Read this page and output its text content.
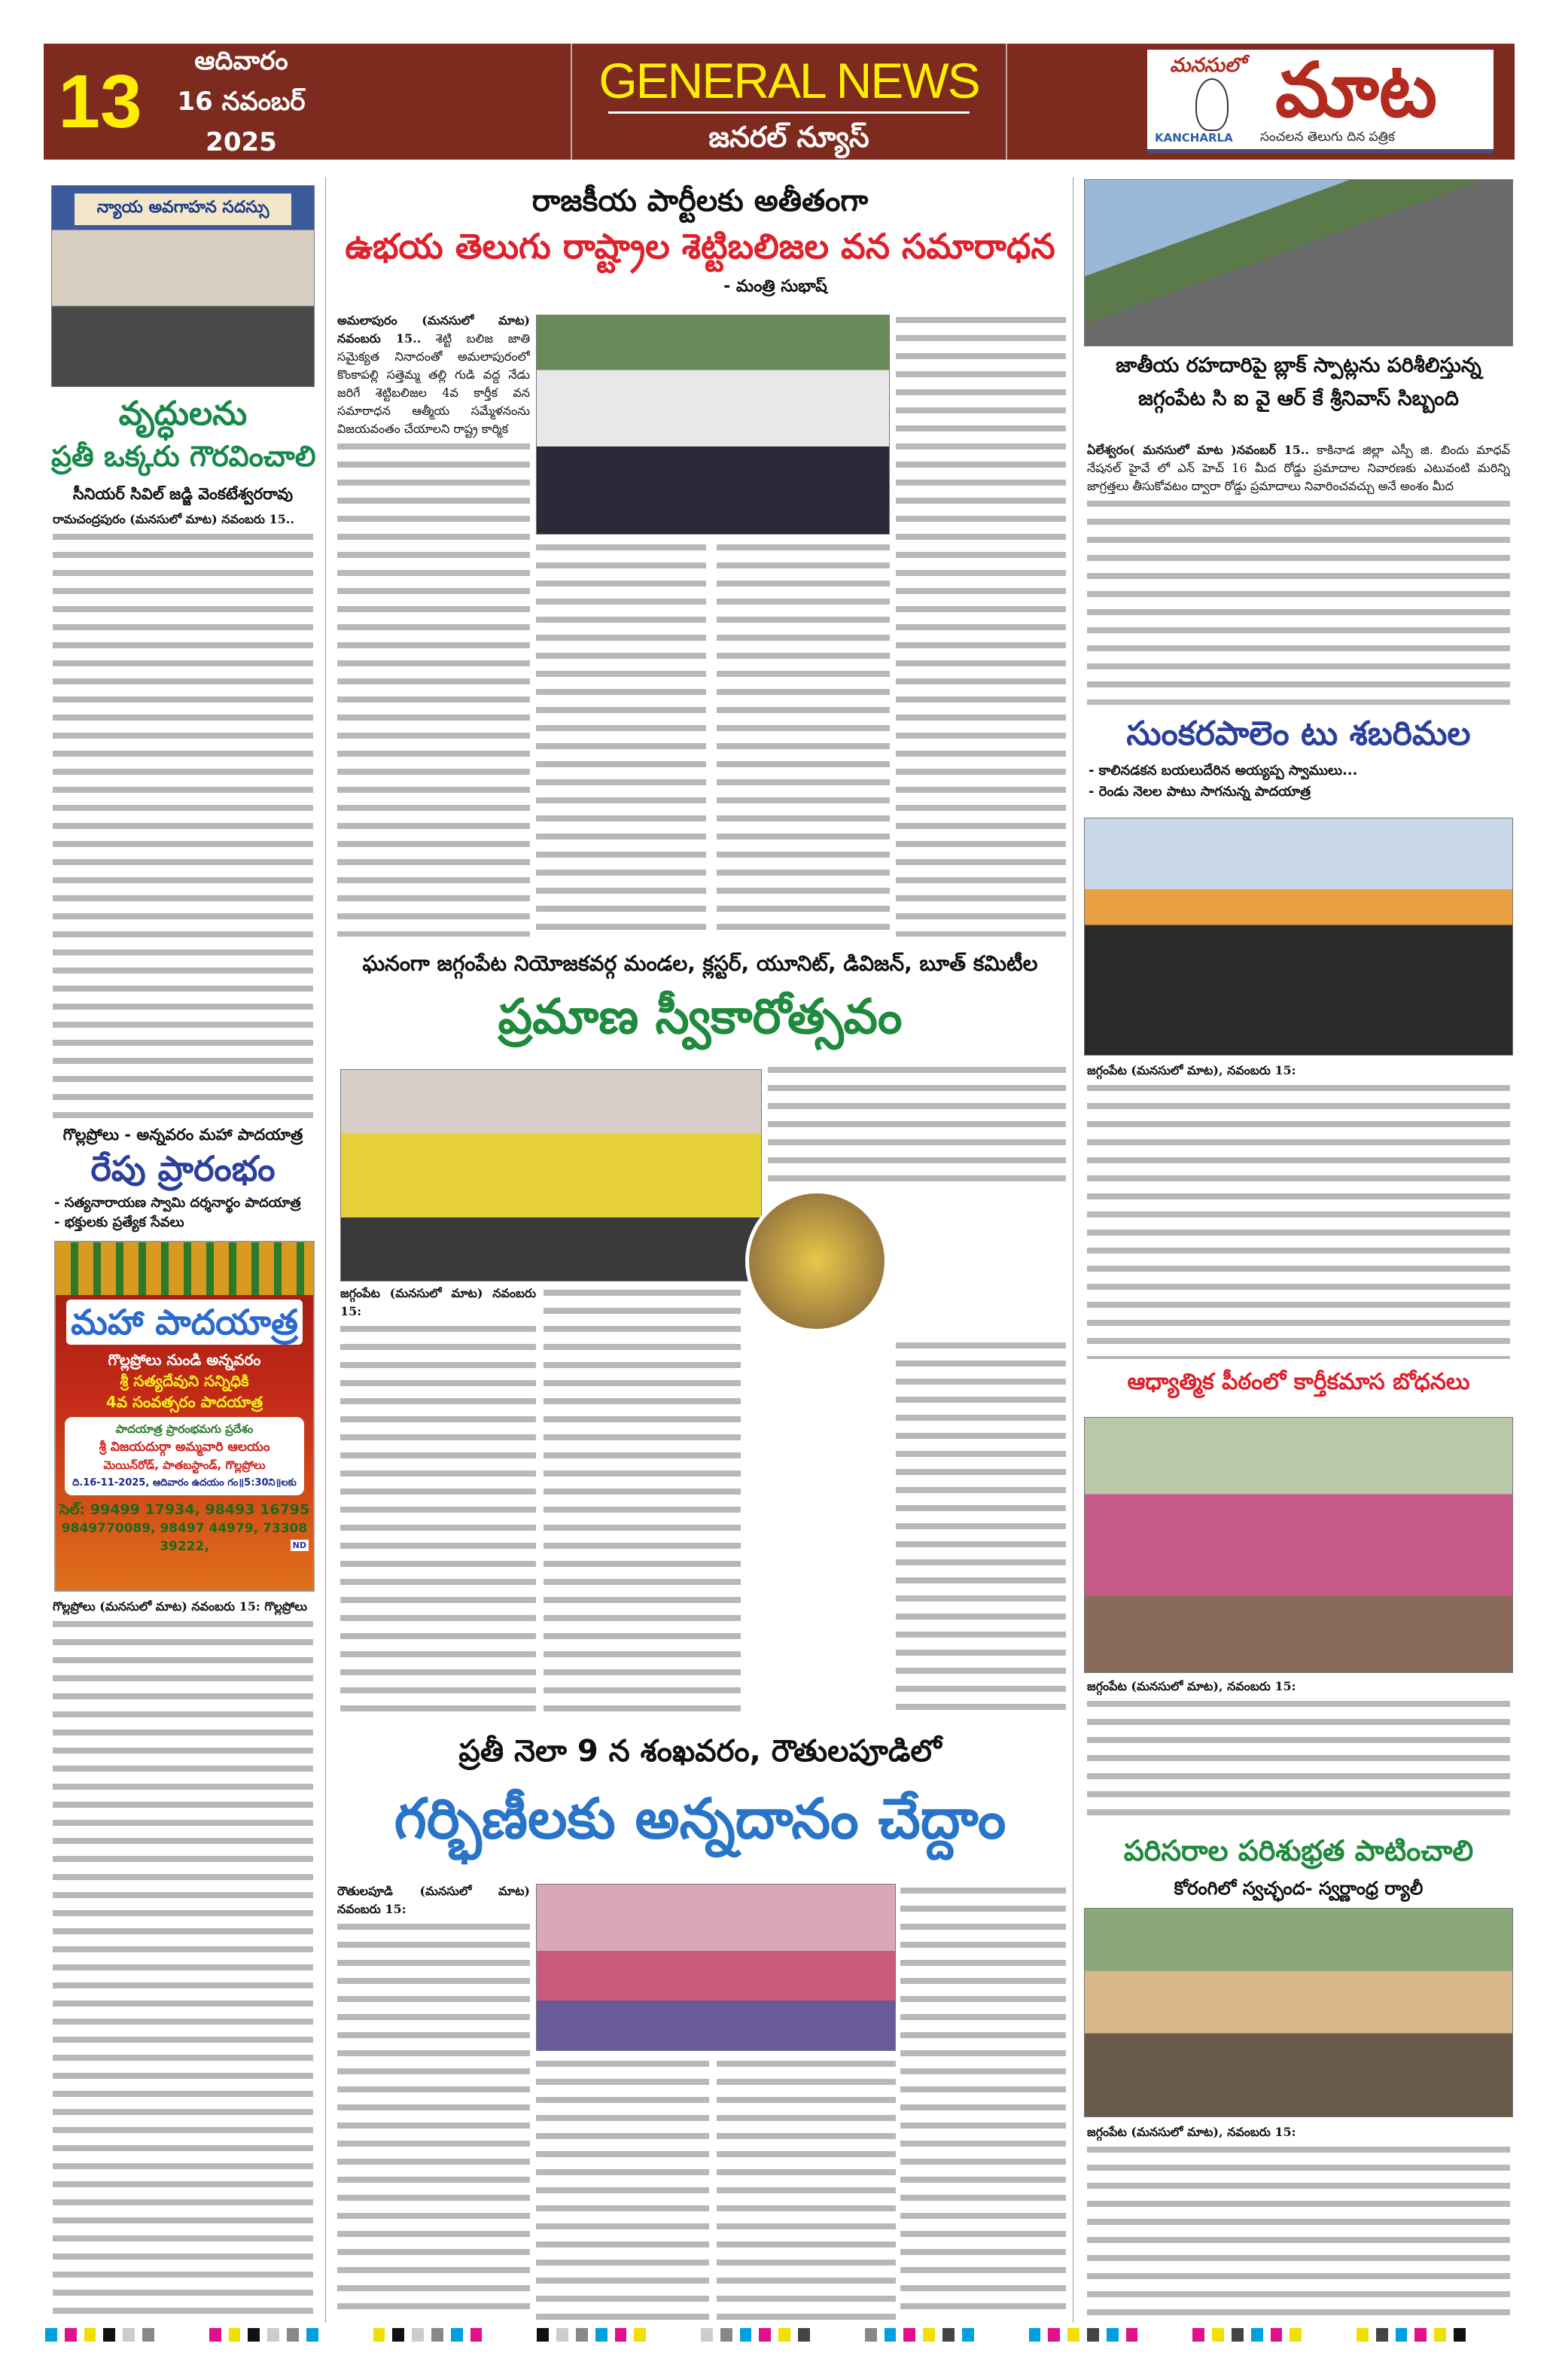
13	ఆదివారం
16 నవంబర్ 2025
GENERAL NEWS
జనరల్ న్యూస్
మనసులో మాట
KANCHARLA సంచలన తెలుగు దిన పత్రిక
న్యాయ అవగాహన సదస్సు
వృద్ధులను
ప్రతీ ఒక్కరు గౌరవించాలి
సీనియర్ సివిల్ జడ్జి వెంకటేశ్వరరావు

రామచంద్రపురం (మనసులో మాట) నవంబరు 15..

గొల్లప్రోలు - అన్నవరం మహా పాదయాత్ర
రేపు ప్రారంభం
- సత్యనారాయణ స్వామి దర్శనార్థం పాదయాత్ర
- భక్తులకు ప్రత్యేక సేవలు
మహా పాదయాత్ర
గొల్లప్రోలు నుండి అన్నవరం
శ్రీ సత్యదేవుని సన్నిధికి
4వ సంవత్సరం పాదయాత్ర
పాదయాత్ర ప్రారంభమగు ప్రదేశం
శ్రీ విజయదుర్గా అమ్మవారి ఆలయం
మెయిన్‌రోడ్, పాతబస్టాండ్, గొల్లప్రోలు
ది.16-11-2025, ఆదివారం ఉదయం గం॥5:30ని॥లకు
సెల్: 99499 17934, 98493 16795
9849770089, 98497 44979, 73308 39222,	ND

గొల్లప్రోలు (మనసులో మాట) నవంబరు 15: గొల్లప్రోలు

రాజకీయ పార్టీలకు అతీతంగా
ఉభయ తెలుగు రాష్ట్రాల శెట్టిబలిజల వన సమారాధన
- మంత్రి సుభాష్

అమలాపురం (మనసులో మాట) నవంబరు 15.. శెట్టి బలిజ జాతి సమైక్యత నినాదంతో అమలాపురంలో కొంకాపల్లి సత్తెమ్మ తల్లి గుడి వద్ద నేడు జరిగే శెట్టిబలిజల 4వ కార్తీక వన సమారాధన ఆత్మీయ సమ్మేళనంను విజయవంతం చేయాలని రాష్ట్ర కార్మిక

ఘనంగా జగ్గంపేట నియోజకవర్గ మండల, క్లస్టర్, యూనిట్, డివిజన్, బూత్ కమిటీల
ప్రమాణ స్వీకారోత్సవం

జగ్గంపేట (మనసులో మాట) నవంబరు 15:

ప్రతీ నెలా 9 న శంఖవరం, రౌతులపూడిలో
గర్భిణీలకు అన్నదానం చేద్దాం

రౌతులపూడి (మనసులో మాట) నవంబరు 15:

జాతీయ రహదారిపై బ్లాక్ స్పాట్లను పరిశీలిస్తున్న
జగ్గంపేట సి ఐ వై ఆర్ కే శ్రీనివాస్ సిబ్బంది

ఏలేశ్వరం( మనసులో మాట )నవంబర్ 15.. కాకినాడ జిల్లా ఎస్పీ జి. బిందు మాధవ్ నేషనల్ హైవే లో ఎన్ హెచ్ 16 మీద రోడ్డు ప్రమాదాల నివారణకు ఎటువంటి మరిన్ని జాగ్రత్తలు తీసుకోవటం ద్వారా రోడ్డు ప్రమాదాలు నివారించవచ్చు అనే అంశం మీద

సుంకరపాలెం టు శబరిమల
- కాలినడకన బయలుదేరిన అయ్యప్ప స్వాములు...
- రెండు నెలల పాటు సాగనున్న పాదయాత్ర

జగ్గంపేట (మనసులో మాట), నవంబరు 15:

ఆధ్యాత్మిక పీఠంలో కార్తీకమాస బోధనలు

జగ్గంపేట (మనసులో మాట), నవంబరు 15:

పరిసరాల పరిశుభ్రత పాటించాలి
కోరంగిలో స్వచ్ఛంద- స్వర్ణాంధ్ర ర్యాలీ

జగ్గంపేట (మనసులో మాట), నవంబరు 15:
